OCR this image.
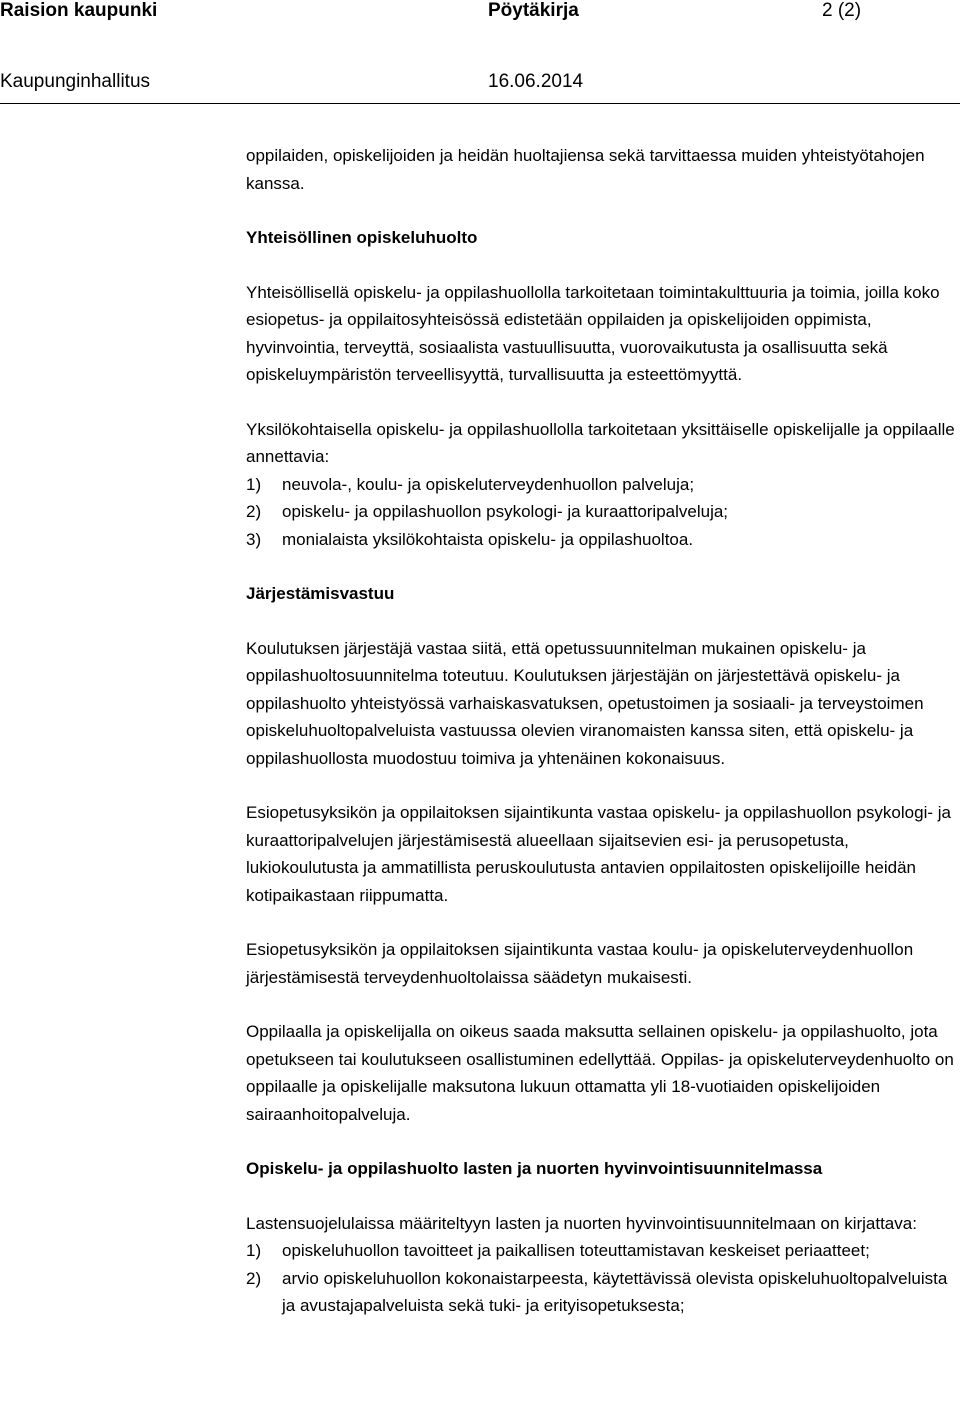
Raision kaupunki	Pöytäkirja	2 (2)
Kaupunginhallitus	16.06.2014

oppilaiden, opiskelijoiden ja heidän huoltajiensa sekä tarvittaessa muiden yhteistyötahojen kanssa.

Yhteisöllinen opiskeluhuolto

Yhteisöllisellä opiskelu- ja oppilashuollolla tarkoitetaan toimintakulttuuria ja toimia, joilla koko esiopetus- ja oppilaitosyhteisössä edistetään oppilaiden ja opiskelijoiden oppimista, hyvinvointia, terveyttä, sosiaalista vastuullisuutta, vuorovaikutusta ja osallisuutta sekä opiskeluympäristön terveellisyyttä, turvallisuutta ja esteettömyyttä.

Yksilökohtaisella opiskelu- ja oppilashuollolla tarkoitetaan yksittäiselle opiskelijalle ja oppilaalle annettavia:

1) neuvola-, koulu- ja opiskeluterveydenhuollon palveluja;
2) opiskelu- ja oppilashuollon psykologi- ja kuraattoripalveluja;
3) monialaista yksilökohtaista opiskelu- ja oppilashuoltoa.
Järjestämisvastuu

Koulutuksen järjestäjä vastaa siitä, että opetussuunnitelman mukainen opiskelu- ja oppilashuoltosuunnitelma toteutuu. Koulutuksen järjestäjän on järjestettävä opiskelu- ja oppilashuolto yhteistyössä varhaiskasvatuksen, opetustoimen ja sosiaali- ja terveystoimen opiskeluhuoltopalveluista vastuussa olevien viranomaisten kanssa siten, että opiskelu- ja oppilashuollosta muodostuu toimiva ja yhtenäinen kokonaisuus.

Esiopetusyksikön ja oppilaitoksen sijaintikunta vastaa opiskelu- ja oppilashuollon psykologi- ja kuraattoripalvelujen järjestämisestä alueellaan sijaitsevien esi- ja perusopetusta, lukiokoulutusta ja ammatillista peruskoulutusta antavien oppilaitosten opiskelijoille heidän kotipaikastaan riippumatta.

Esiopetusyksikön ja oppilaitoksen sijaintikunta vastaa koulu- ja opiskeluterveydenhuollon järjestämisestä terveydenhuoltolaissa säädetyn mukaisesti.

Oppilaalla ja opiskelijalla on oikeus saada maksutta sellainen opiskelu- ja oppilashuolto, jota opetukseen tai koulutukseen osallistuminen edellyttää. Oppilas- ja opiskeluterveydenhuolto on oppilaalle ja opiskelijalle maksutona lukuun ottamatta yli 18-vuotiaiden opiskelijoiden sairaanhoitopalveluja.

Opiskelu- ja oppilashuolto lasten ja nuorten hyvinvointisuunnitelmassa

Lastensuojelulaissa määriteltyyn lasten ja nuorten hyvinvointisuunnitelmaan on kirjattava:

1) opiskeluhuollon tavoitteet ja paikallisen toteuttamistavan keskeiset periaatteet;
2) arvio opiskeluhuollon kokonaistarpeesta, käytettävissä olevista opiskeluhuoltopalveluista ja avustajapalveluista sekä tuki- ja erityisopetuksesta;
